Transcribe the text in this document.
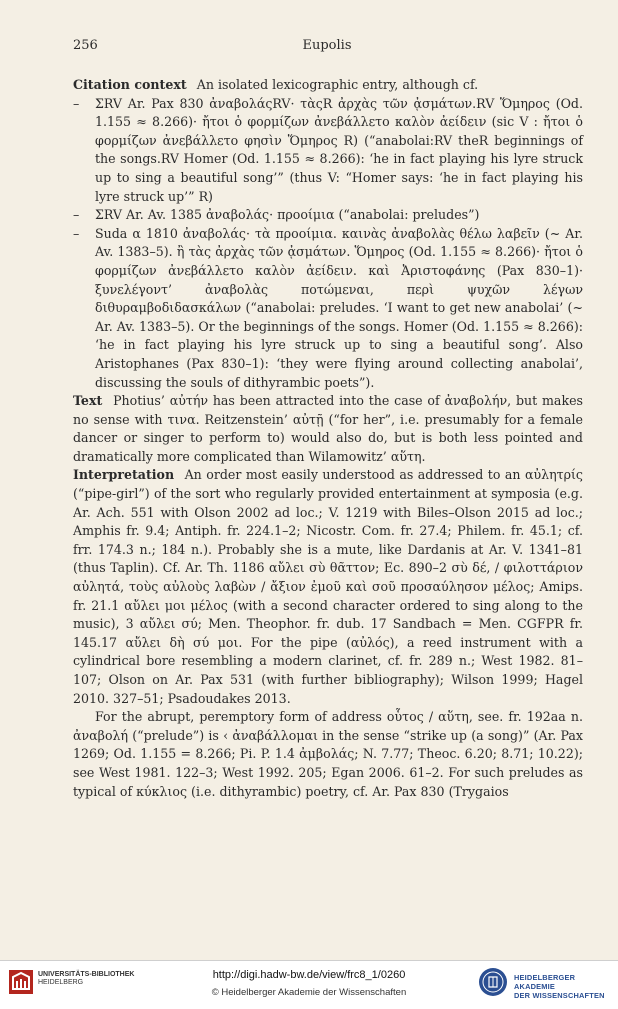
256	Eupolis

Citation context An isolated lexicographic entry, although cf.

– ΣRV Ar. Pax 830 ἀναβολάςRV· τὰςR ἀρχὰς τῶν ᾀσμάτων.RV Ὅμηρος (Od. 1.155 ≈ 8.266)· ἤτοι ὁ φορμίζων ἀνεβάλλετο καλὸν ἀείδειν (sic V : ἤτοι ὁ φορμίζων ἀνεβάλλετο φησὶν Ὅμηρος R) (“anabolai:RV theR beginnings of the songs.RV Homer (Od. 1.155 ≈ 8.266): ‘he in fact playing his lyre struck up to sing a beautiful song’” (thus V: “Homer says: ‘he in fact playing his lyre struck up’” R)
– ΣRV Ar. Av. 1385 ἀναβολάς· προοίμια (“anabolai: preludes”)
– Suda α 1810 ἀναβολάς· τὰ προοίμια. καινὰς ἀναβολὰς θέλω λαβεῖν (~ Ar. Av. 1383–5). ἢ τὰς ἀρχὰς τῶν ᾀσμάτων. Ὅμηρος (Od. 1.155 ≈ 8.266)· ἤτοι ὁ φορμίζων ἀνεβάλλετο καλὸν ἀείδειν. καὶ Ἀριστοφάνης (Pax 830–1)· ξυνελέγοντ’ ἀναβολὰς ποτώμεναι, περὶ ψυχῶν λέγων διθυραμβοδιδασκάλων (“anabolai: preludes. ‘I want to get new anabolai’ (~ Ar. Av. 1383–5). Or the beginnings of the songs. Homer (Od. 1.155 ≈ 8.266): ‘he in fact playing his lyre struck up to sing a beautiful song’. Also Aristophanes (Pax 830–1): ‘they were flying around collecting anabolai’, discussing the souls of dithyrambic poets”).

Text Photius’ αὐτήν has been attracted into the case of ἀναβολήν, but makes no sense with τινα. Reitzenstein’ αὐτῇ (“for her”, i.e. presumably for a female dancer or singer to perform to) would also do, but is both less pointed and dramatically more complicated than Wilamowitz’ αὕτη.

Interpretation An order most easily understood as addressed to an αὐλητρίς (“pipe-girl”) of the sort who regularly provided entertainment at symposia (e.g. Ar. Ach. 551 with Olson 2002 ad loc.; V. 1219 with Biles–Olson 2015 ad loc.; Amphis fr. 9.4; Antiph. fr. 224.1–2; Nicostr. Com. fr. 27.4; Philem. fr. 45.1; cf. frr. 174.3 n.; 184 n.). Probably she is a mute, like Dardanis at Ar. V. 1341–81 (thus Taplin). Cf. Ar. Th. 1186 αὔλει σὺ θᾶττον; Ec. 890–2 σὺ δέ, / φιλοττάριον αὐλητά, τοὺς αὐλοὺς λαβὼν / ἄξιον ἐμοῦ καὶ σοῦ προσαύλησον μέλος; Amips. fr. 21.1 αὔλει μοι μέλος (with a second character ordered to sing along to the music), 3 αὔλει σύ; Men. Theophor. fr. dub. 17 Sandbach = Men. CGFPR fr. 145.17 αὔλει δὴ σύ μοι. For the pipe (αὐλός), a reed instrument with a cylindrical bore resembling a modern clarinet, cf. fr. 289 n.; West 1982. 81–107; Olson on Ar. Pax 531 (with further bibliography); Wilson 1999; Hagel 2010. 327–51; Psadoudakes 2013.

For the abrupt, peremptory form of address οὗτος / αὕτη, see. fr. 192aa n. ἀναβολή (“prelude”) is ‹ ἀναβάλλομαι in the sense “strike up (a song)” (Ar. Pax 1269; Od. 1.155 = 8.266; Pi. P. 1.4 ἀμβολάς; N. 7.77; Theoc. 6.20; 8.71; 10.22); see West 1981. 122–3; West 1992. 205; Egan 2006. 61–2. For such preludes as typical of κύκλιος (i.e. dithyrambic) poetry, cf. Ar. Pax 830 (Trygaios

UNIVERSITÄTS-BIBLIOTHEK
HEIDELBERG
http://digi.hadw-bw.de/view/frc8_1/0260
© Heidelberger Akademie der Wissenschaften
HEIDELBERGER AKADEMIE
DER WISSENSCHAFTEN
